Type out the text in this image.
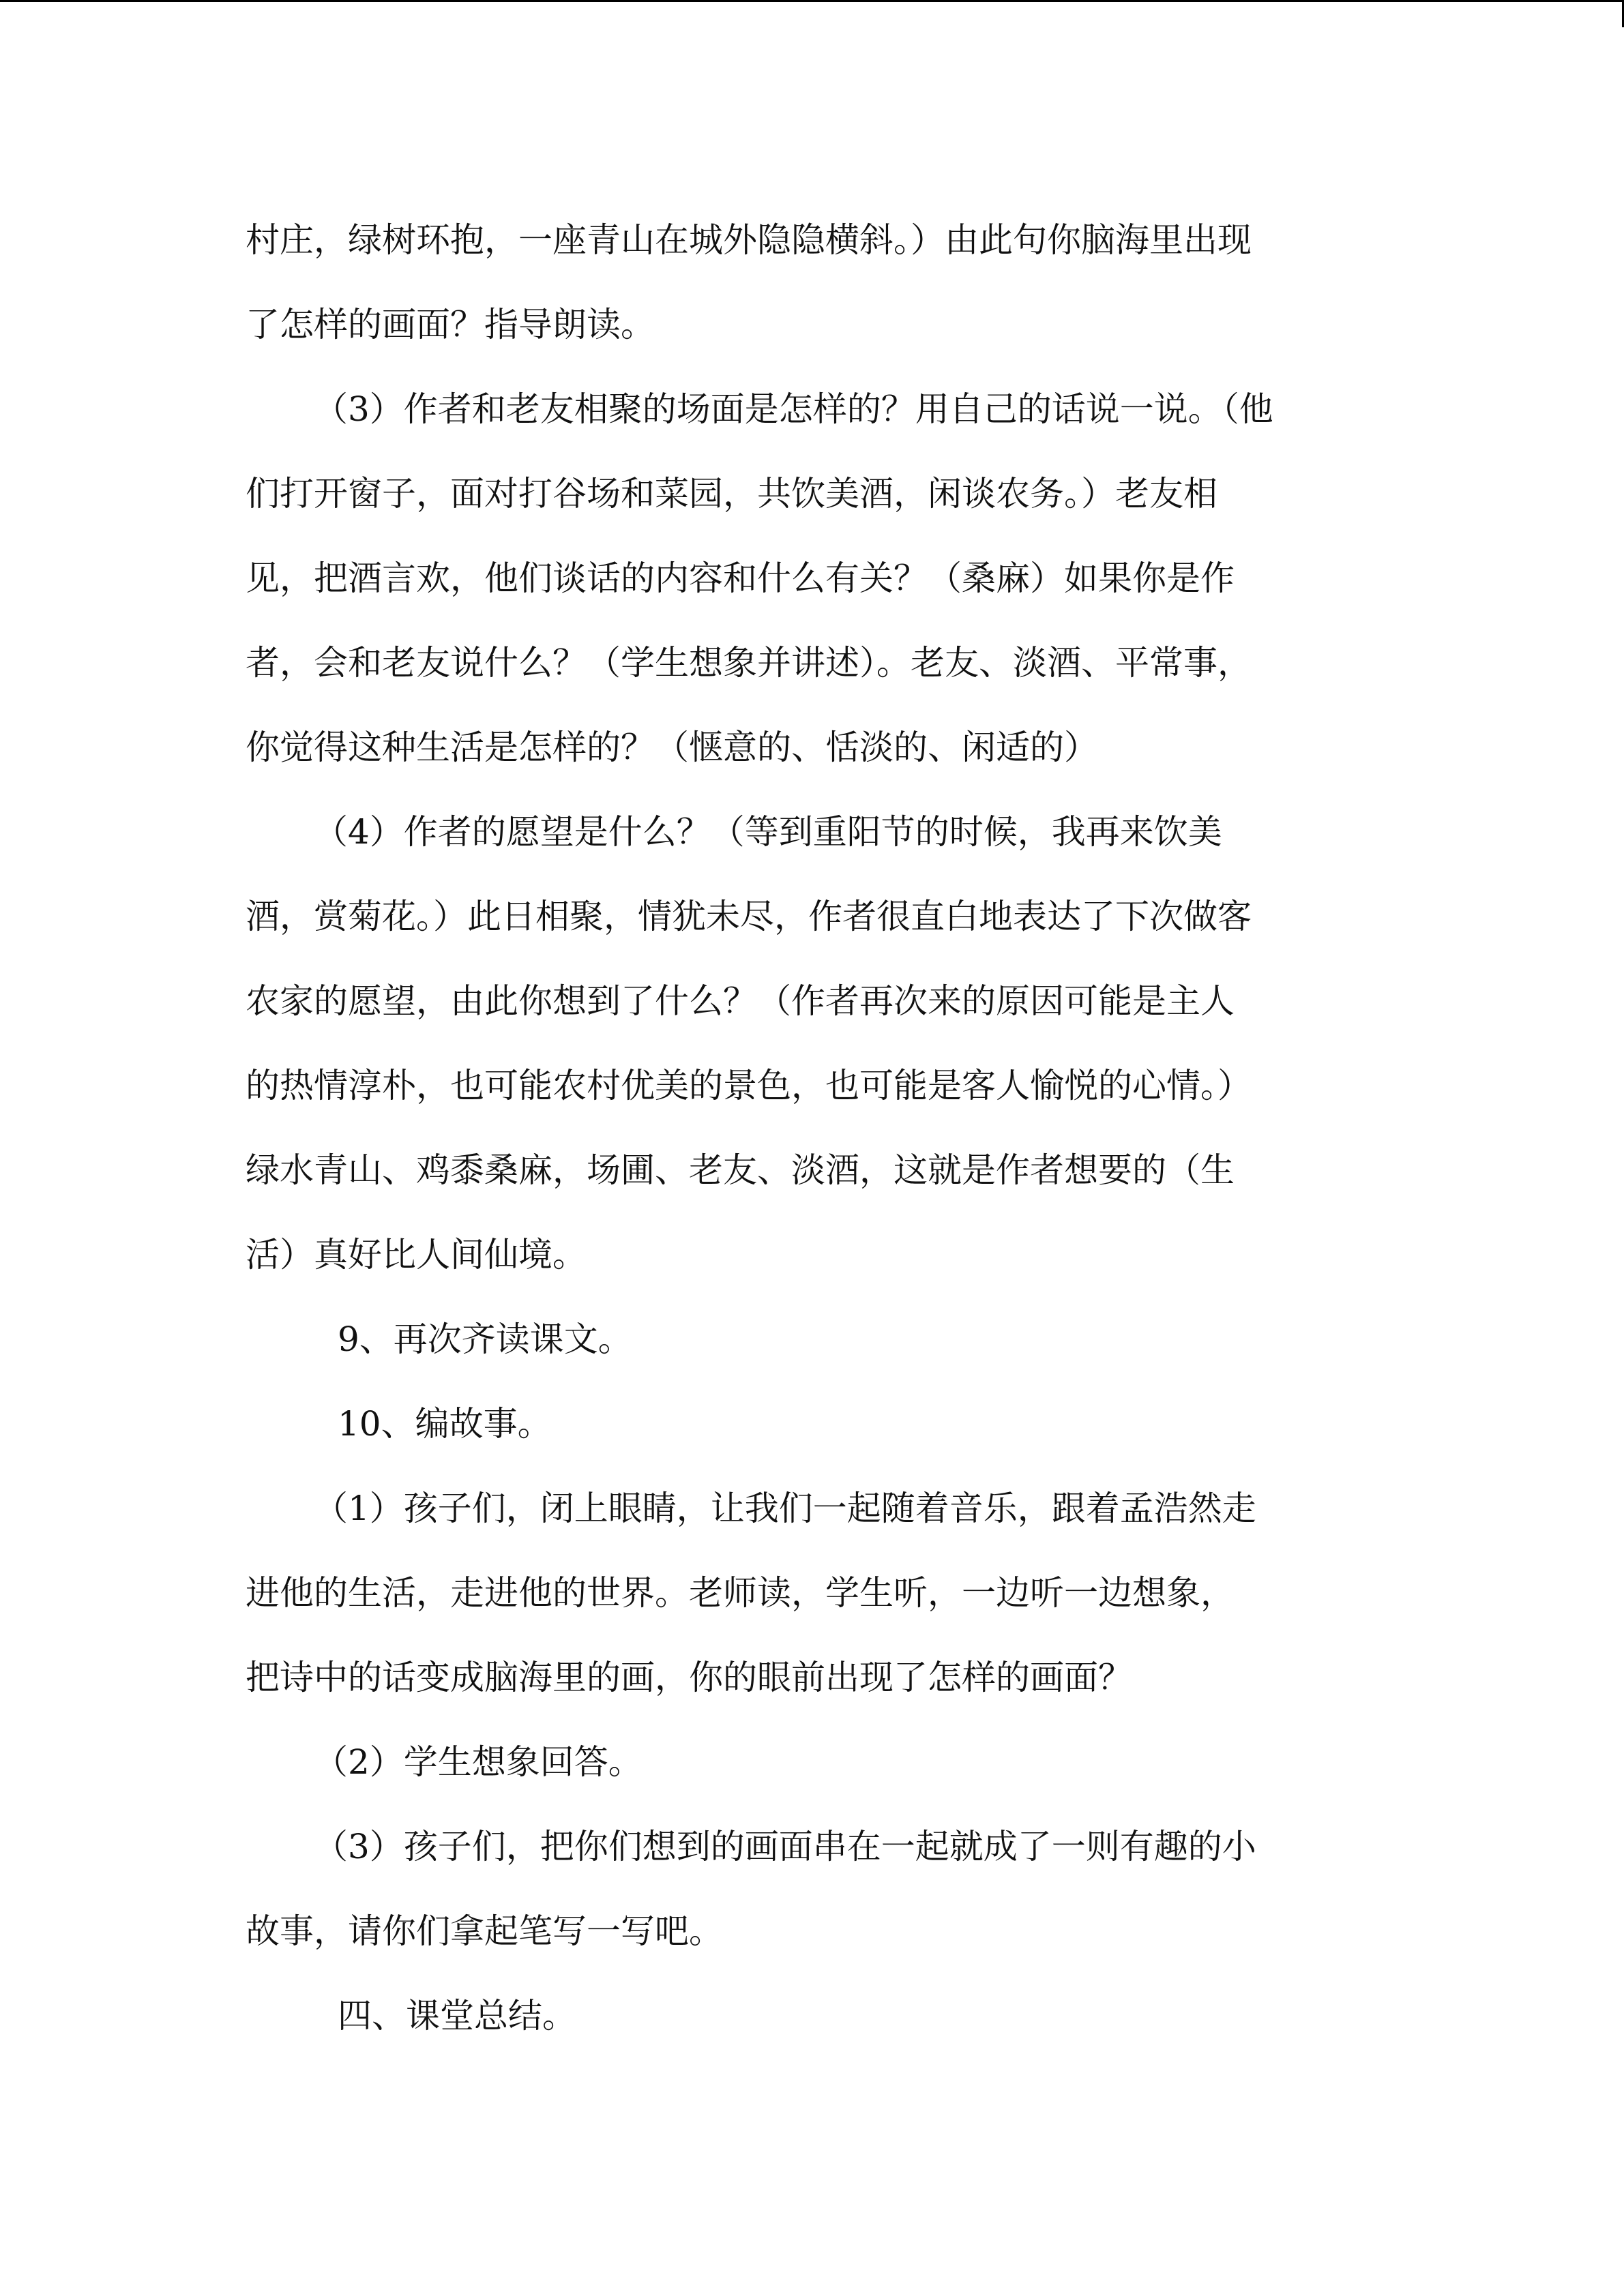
村庄，绿树环抱，一座青山在城外隐隐横斜。）由此句你脑海里出现

了怎样的画面？指导朗读。

（3）作者和老友相聚的场面是怎样的？用自己的话说一说。（他

们打开窗子，面对打谷场和菜园，共饮美酒，闲谈农务。）老友相

见，把酒言欢，他们谈话的内容和什么有关？（桑麻）如果你是作

者，会和老友说什么？（学生想象并讲述）。老友、淡酒、平常事，

你觉得这种生活是怎样的？（惬意的、恬淡的、闲适的）

（4）作者的愿望是什么？（等到重阳节的时候，我再来饮美

酒，赏菊花。）此日相聚，情犹未尽，作者很直白地表达了下次做客

农家的愿望，由此你想到了什么？（作者再次来的原因可能是主人

的热情淳朴，也可能农村优美的景色，也可能是客人愉悦的心情。）

绿水青山、鸡黍桑麻，场圃、老友、淡酒，这就是作者想要的（生

活）真好比人间仙境。

9、再次齐读课文。

10、编故事。

（1）孩子们，闭上眼睛，让我们一起随着音乐，跟着孟浩然走

进他的生活，走进他的世界。老师读，学生听，一边听一边想象，

把诗中的话变成脑海里的画，你的眼前出现了怎样的画面？

（2）学生想象回答。

（3）孩子们，把你们想到的画面串在一起就成了一则有趣的小

故事，请你们拿起笔写一写吧。

四、课堂总结。
